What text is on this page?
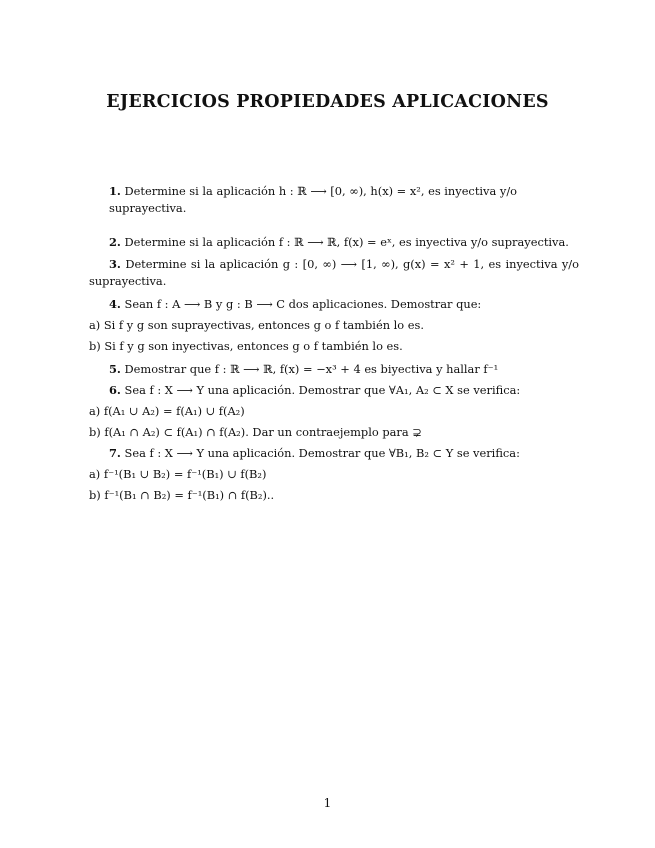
EJERCICIOS PROPIEDADES APLICACIONES

1. Determine si la aplicación h : ℝ ⟶ [0, ∞), h(x) = x², es inyectiva y/o suprayectiva.

2. Determine si la aplicación f : ℝ ⟶ ℝ, f(x) = eˣ, es inyectiva y/o suprayectiva.

3. Determine si la aplicación g : [0, ∞) ⟶ [1, ∞), g(x) = x² + 1, es inyectiva y/o suprayectiva.

4. Sean f : A ⟶ B y g : B ⟶ C dos aplicaciones. Demostrar que:

a) Si f y g son suprayectivas, entonces g o f también lo es.

b) Si f y g son inyectivas, entonces g o f también lo es.

5. Demostrar que f : ℝ ⟶ ℝ, f(x) = −x³ + 4 es biyectiva y hallar f⁻¹

6. Sea f : X ⟶ Y una aplicación. Demostrar que ∀A₁, A₂ ⊂ X se verifica:

a) f(A₁ ∪ A₂) = f(A₁) ∪ f(A₂)

b) f(A₁ ∩ A₂) ⊂ f(A₁) ∩ f(A₂). Dar un contraejemplo para ⊋

7. Sea f : X ⟶ Y una aplicación. Demostrar que ∀B₁, B₂ ⊂ Y se verifica:

a) f⁻¹(B₁ ∪ B₂) = f⁻¹(B₁) ∪ f(B₂)

b) f⁻¹(B₁ ∩ B₂) = f⁻¹(B₁) ∩ f(B₂)..

1
